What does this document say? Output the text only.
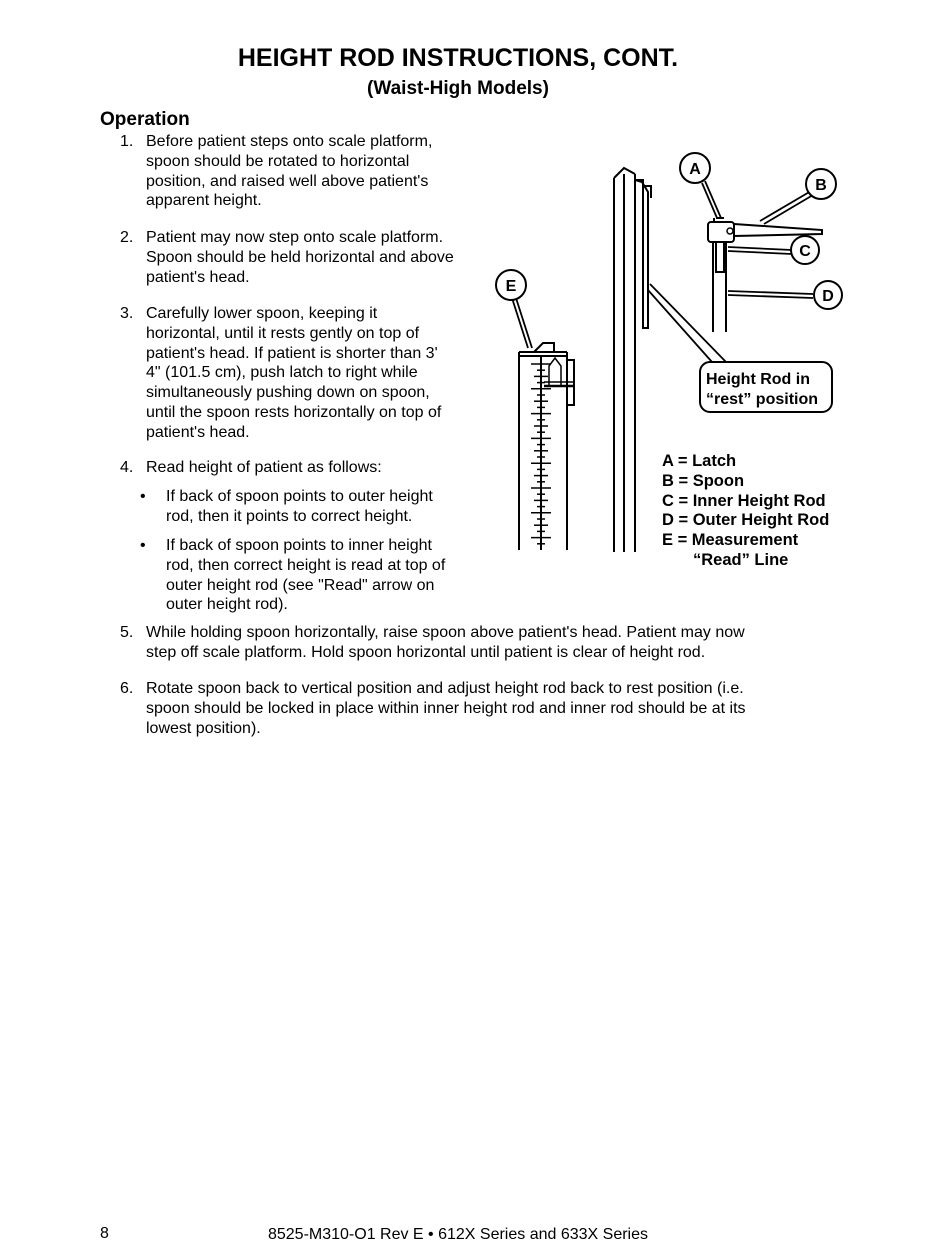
HEIGHT ROD INSTRUCTIONS, CONT.
(Waist-High Models)
Operation
1. Before patient steps onto scale platform,
spoon should be rotated to horizontal
position, and raised well above patient's
apparent height.
2. Patient may now step onto scale platform.
Spoon should be held horizontal and above
patient's head.
3. Carefully lower spoon, keeping it
horizontal, until it rests gently on top of
patient's head. If patient is shorter than 3'
4" (101.5 cm), push latch to right while
simultaneously pushing down on spoon,
until the spoon rests horizontally on top of
patient's head.
4. Read height of patient as follows:
• If back of spoon points to outer height
rod, then it points to correct height.
• If back of spoon points to inner height
rod, then correct height is read at top of
outer height rod (see "Read" arrow on
outer height rod).
5. While holding spoon horizontally, raise spoon above patient's head. Patient may now
step off scale platform. Hold spoon horizontal until patient is clear of height rod.
6. Rotate spoon back to vertical position and adjust height rod back to rest position (i.e.
spoon should be locked in place within inner height rod and inner rod should be at its
lowest position).
A
B
C
D
E
Height Rod in
“rest” position
A = Latch
B = Spoon
C = Inner Height Rod
D = Outer Height Rod
E = Measurement
“Read” Line
8	8525-M310-O1 Rev E • 612X Series and 633X Series
